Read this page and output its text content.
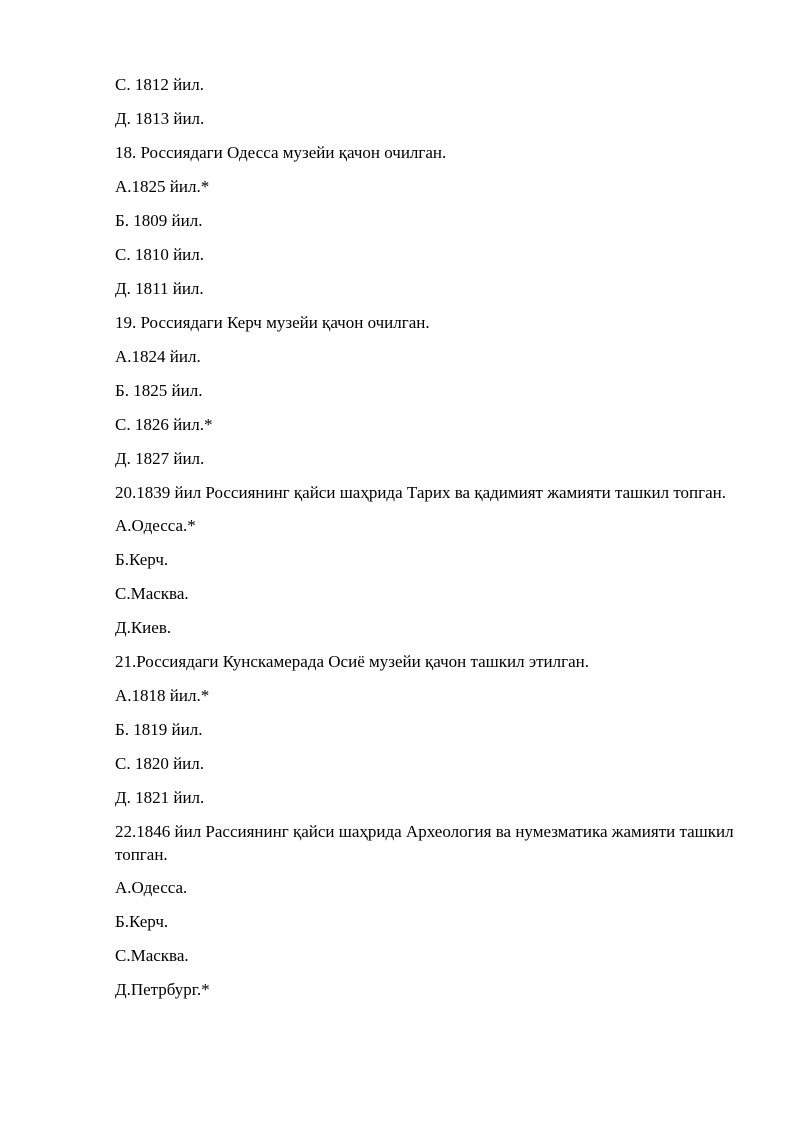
С. 1812 йил.

Д. 1813 йил.

18. Россиядаги Одесса музейи қачон очилган.

А.1825 йил.*

Б. 1809 йил.

С. 1810 йил.

Д. 1811 йил.

19. Россиядаги Керч музейи қачон очилган.

А.1824 йил.

Б. 1825 йил.

С. 1826 йил.*

Д. 1827 йил.

20.1839 йил Россиянинг қайси шаҳрида Тарих ва қадимият жамияти ташкил топган.

А.Одесса.*

Б.Керч.

С.Масква.

Д.Киев.

21.Россиядаги Кунскамерада Осиё музейи қачон ташкил этилган.

А.1818 йил.*

Б. 1819 йил.

С. 1820 йил.

Д. 1821 йил.

22.1846 йил Рассиянинг қайси шаҳрида Археология ва нумезматика жамияти ташкил топган.

А.Одесса.

Б.Керч.

С.Масква.

Д.Петрбург.*
